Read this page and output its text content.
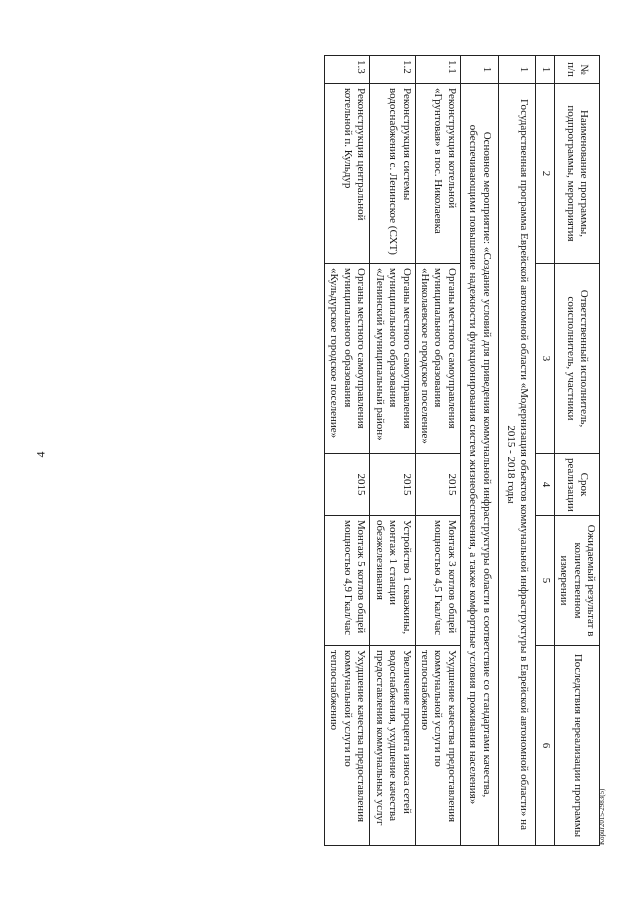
4
Kopur2015-2983(5)
№ п/п	Наименование программы, подпрограммы, мероприятия	Ответственный исполнитель, соисполнитель, участники	Срок реализации	Ожидаемый результат в количественном измерении	Последствия нереализации программы
1	2	3	4	5	6
1	Государственная программа Еврейской автономной области «Модернизация объектов коммунальной инфраструктуры в Еврейской автономной области» на 2015 - 2018 годы				
1	Основное мероприятие: «Создание условий для приведения коммунальной инфраструктуры области в соответствие со стандартами качества, обеспечивающими повышение надежности функционирования систем жизнеобеспечения, а также комфортные условия проживания населения»				
1.1	Реконструкция котельной «Грунтовая» в пос. Николаевка	Органы местного самоуправления муниципального образования «Николаевское городское поселение»	2015	Монтаж 3 котлов общей мощностью 4,5 Гкал/час	Ухудшение качества предоставления коммунальной услуги по теплоснабжению
1.2	Реконструкция системы водоснабжения с. Ленинское (СХТ)	Органы местного самоуправления муниципального образования «Ленинский муниципальный район»	2015	Устройство 1 скважины, монтаж 1 станции обезжелезивания	Увеличение процента износа сетей водоснабжения, ухудшение качества предоставления коммунальных услуг
1.3	Реконструкция центральной котельной п. Кульдур	Органы местного самоуправления муниципального образования «Кульдурское городское поселение»	2015	Монтаж 5 котлов общей мощностью 4,9 Гкал/час	Ухудшение качества предоставления коммунальной услуги по теплоснабжению
